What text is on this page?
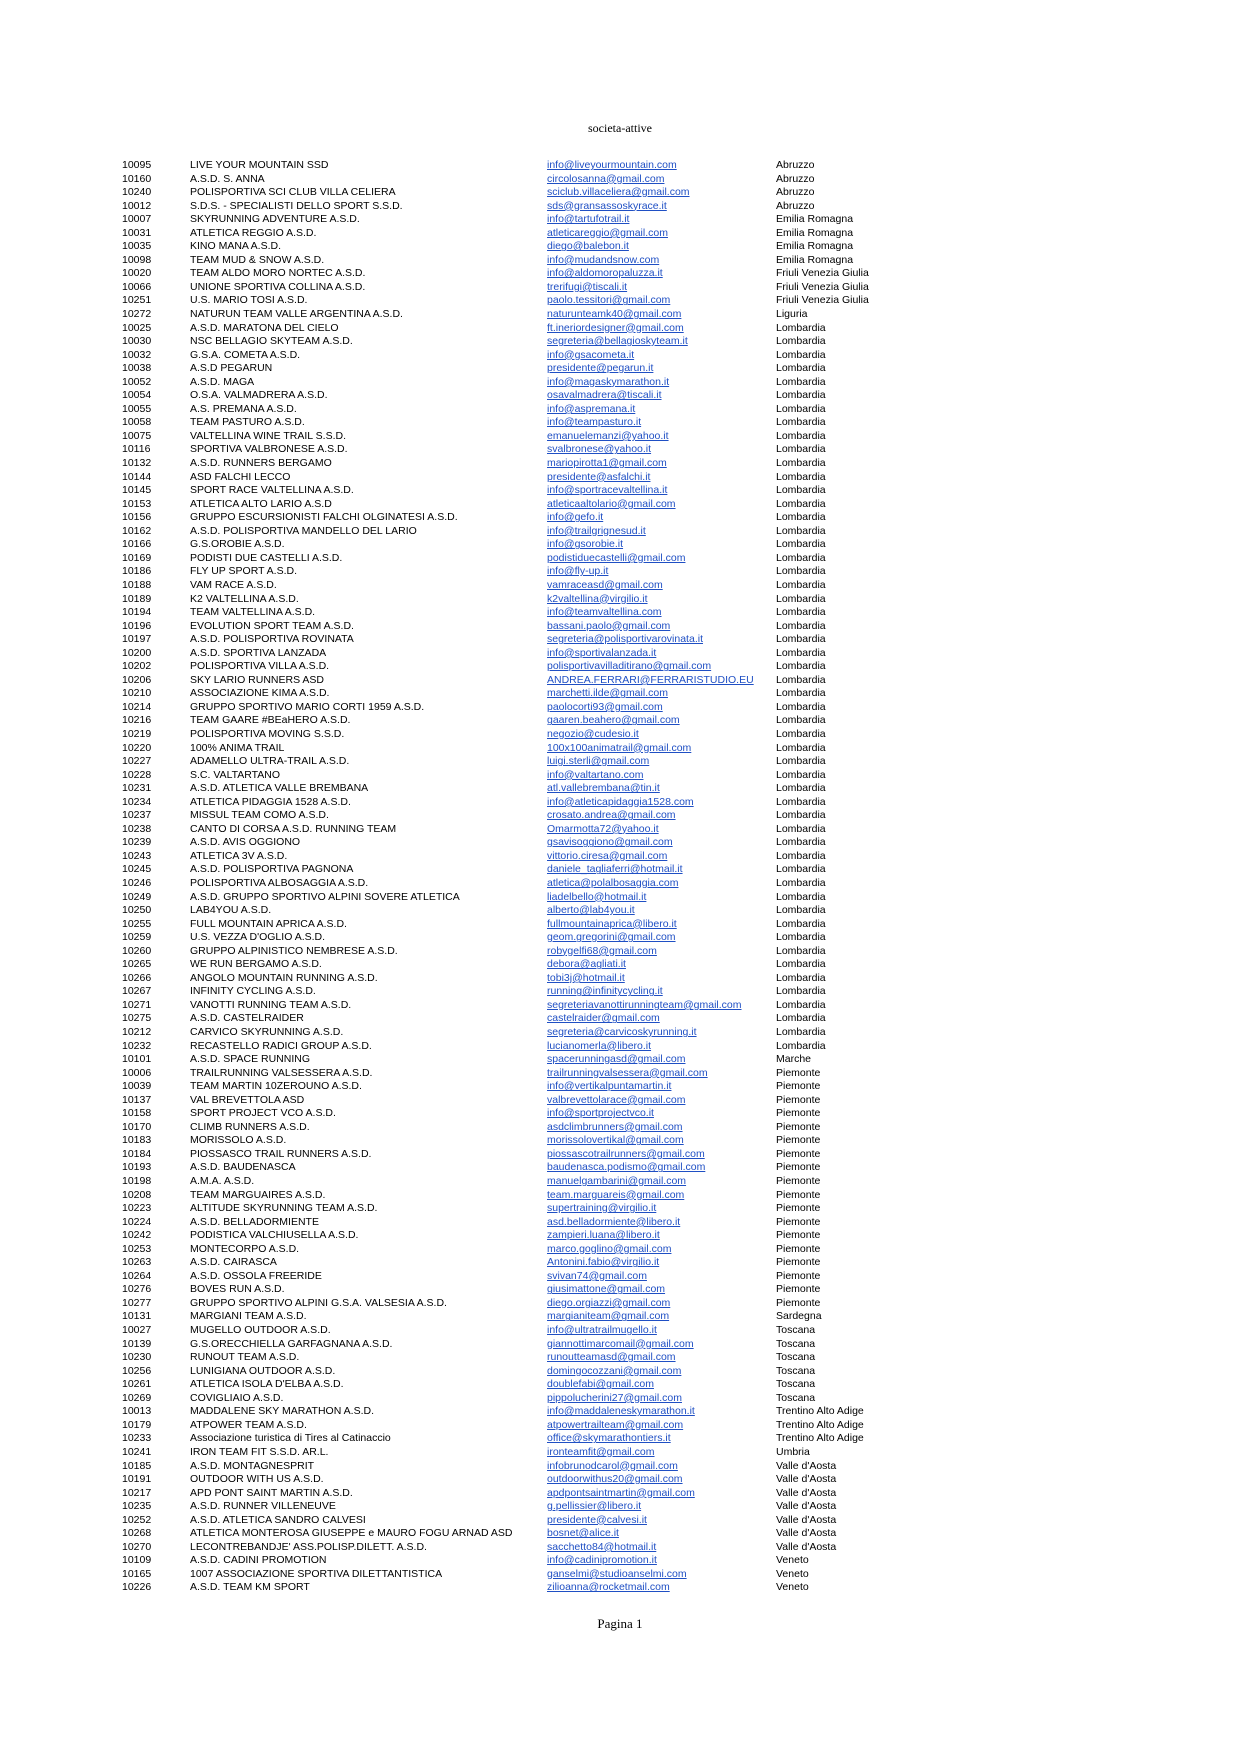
societa-attive
10095	LIVE YOUR MOUNTAIN SSD	info@liveyourmountain.com	Abruzzo
10160	A.S.D. S. ANNA	circolosanna@gmail.com	Abruzzo
10240	POLISPORTIVA SCI CLUB VILLA CELIERA	sciclub.villaceliera@gmail.com	Abruzzo
10012	S.D.S. - SPECIALISTI DELLO SPORT S.S.D.	sds@gransassoskyrace.it	Abruzzo
10007	SKYRUNNING ADVENTURE A.S.D.	info@tartufotrail.it	Emilia Romagna
10031	ATLETICA REGGIO A.S.D.	atleticareggio@gmail.com	Emilia Romagna
10035	KINO MANA A.S.D.	diego@balebon.it	Emilia Romagna
10098	TEAM MUD & SNOW A.S.D.	info@mudandsnow.com	Emilia Romagna
10020	TEAM ALDO MORO NORTEC A.S.D.	info@aldomoropaluzza.it	Friuli Venezia Giulia
10066	UNIONE SPORTIVA COLLINA A.S.D.	trerifugi@tiscali.it	Friuli Venezia Giulia
10251	U.S. MARIO TOSI A.S.D.	paolo.tessitori@gmail.com	Friuli Venezia Giulia
10272	NATURUN TEAM VALLE ARGENTINA A.S.D.	naturunteamk40@gmail.com	Liguria
10025	A.S.D. MARATONA DEL CIELO	ft.ineriordesigner@gmail.com	Lombardia
10030	NSC BELLAGIO SKYTEAM A.S.D.	segreteria@bellagioskyteam.it	Lombardia
10032	G.S.A. COMETA A.S.D.	info@gsacometa.it	Lombardia
10038	A.S.D PEGARUN	presidente@pegarun.it	Lombardia
10052	A.S.D. MAGA	info@magaskymarathon.it	Lombardia
10054	O.S.A. VALMADRERA A.S.D.	osavalmadrera@tiscali.it	Lombardia
10055	A.S. PREMANA A.S.D.	info@aspremana.it	Lombardia
10058	TEAM PASTURO A.S.D.	info@teampasturo.it	Lombardia
10075	VALTELLINA WINE TRAIL S.S.D.	emanuelemanzi@yahoo.it	Lombardia
10116	SPORTIVA VALBRONESE A.S.D.	svalbronese@yahoo.it	Lombardia
10132	A.S.D. RUNNERS BERGAMO	mariopirotta1@gmail.com	Lombardia
10144	ASD FALCHI LECCO	presidente@asfalchi.it	Lombardia
10145	SPORT RACE VALTELLINA A.S.D.	info@sportracevaltellina.it	Lombardia
10153	ATLETICA ALTO LARIO A.S.D	atleticaaltolario@gmail.com	Lombardia
10156	GRUPPO ESCURSIONISTI FALCHI OLGINATESI A.S.D.	info@gefo.it	Lombardia
10162	A.S.D. POLISPORTIVA MANDELLO DEL LARIO	info@trailgrignesud.it	Lombardia
10166	G.S.OROBIE A.S.D.	info@gsorobie.it	Lombardia
10169	PODISTI DUE CASTELLI A.S.D.	podistiduecastelli@gmail.com	Lombardia
10186	FLY UP SPORT A.S.D.	info@fly-up.it	Lombardia
10188	VAM RACE A.S.D.	vamraceasd@gmail.com	Lombardia
10189	K2 VALTELLINA A.S.D.	k2valtellina@virgilio.it	Lombardia
10194	TEAM VALTELLINA A.S.D.	info@teamvaltellina.com	Lombardia
10196	EVOLUTION SPORT TEAM A.S.D.	bassani.paolo@gmail.com	Lombardia
10197	A.S.D. POLISPORTIVA ROVINATA	segreteria@polisportivarovinata.it	Lombardia
10200	A.S.D. SPORTIVA LANZADA	info@sportivalanzada.it	Lombardia
10202	POLISPORTIVA VILLA A.S.D.	polisportivavilladitirano@gmail.com	Lombardia
10206	SKY LARIO RUNNERS ASD	ANDREA.FERRARI@FERRARISTUDIO.EU Lombardia
10210	ASSOCIAZIONE KIMA A.S.D.	marchetti.ilde@gmail.com	Lombardia
10214	GRUPPO SPORTIVO MARIO CORTI 1959 A.S.D.	paolocorti93@gmail.com	Lombardia
10216	TEAM GAARE #BEaHERO A.S.D.	gaaren.beahero@gmail.com	Lombardia
10219	POLISPORTIVA MOVING S.S.D.	negozio@cudesio.it	Lombardia
10220	100% ANIMA TRAIL	100x100animatrail@gmail.com	Lombardia
10227	ADAMELLO ULTRA-TRAIL A.S.D.	luigi.sterli@gmail.com	Lombardia
10228	S.C. VALTARTANO	info@valtartano.com	Lombardia
10231	A.S.D. ATLETICA VALLE BREMBANA	atl.vallebrembana@tin.it	Lombardia
10234	ATLETICA PIDAGGIA 1528 A.S.D.	info@atleticapidaggia1528.com	Lombardia
10237	MISSUL TEAM COMO A.S.D.	crosato.andrea@gmail.com	Lombardia
10238	CANTO DI CORSA A.S.D. RUNNING TEAM	Omarmotta72@yahoo.it	Lombardia
10239	A.S.D. AVIS OGGIONO	gsavisoggiono@gmail.com	Lombardia
10243	ATLETICA 3V A.S.D.	vittorio.ciresa@gmail.com	Lombardia
10245	A.S.D. POLISPORTIVA PAGNONA	daniele_tagliaferri@hotmail.it	Lombardia
10246	POLISPORTIVA ALBOSAGGIA A.S.D.	atletica@polalbosaggia.com	Lombardia
10249	A.S.D. GRUPPO SPORTIVO ALPINI SOVERE ATLETICA	liadelbello@hotmail.it	Lombardia
10250	LAB4YOU A.S.D.	alberto@lab4you.it	Lombardia
10255	FULL MOUNTAIN APRICA A.S.D.	fullmountainaprica@libero.it	Lombardia
10259	U.S. VEZZA D'OGLIO A.S.D.	geom.gregorini@gmail.com	Lombardia
10260	GRUPPO ALPINISTICO NEMBRESE A.S.D.	robygelfi68@gmail.com	Lombardia
10265	WE RUN BERGAMO A.S.D.	debora@agliati.it	Lombardia
10266	ANGOLO MOUNTAIN RUNNING A.S.D.	tobi3j@hotmail.it	Lombardia
10267	INFINITY CYCLING A.S.D.	running@infinitycycling.it	Lombardia
10271	VANOTTI RUNNING TEAM A.S.D.	segreteriavanottirunningteam@gmail.com	Lombardia
10275	A.S.D. CASTELRAIDER	castelraider@gmail.com	Lombardia
10212	CARVICO SKYRUNNING A.S.D.	segreteria@carvicoskyrunning.it	Lombardia
10232	RECASTELLO RADICI GROUP A.S.D.	lucianomerla@libero.it	Lombardia
10101	A.S.D. SPACE RUNNING	spacerunningasd@gmail.com	Marche
10006	TRAILRUNNING VALSESSERA A.S.D.	trailrunningvalsessera@gmail.com	Piemonte
10039	TEAM MARTIN 10ZEROUNO A.S.D.	info@vertikalpuntamartin.it	Piemonte
10137	VAL BREVETTOLA ASD	valbrevettolarace@gmail.com	Piemonte
10158	SPORT PROJECT VCO A.S.D.	info@sportprojectvco.it	Piemonte
10170	CLIMB RUNNERS A.S.D.	asdclimbrunners@gmail.com	Piemonte
10183	MORISSOLO A.S.D.	morissolovertikal@gmail.com	Piemonte
10184	PIOSSASCO TRAIL RUNNERS A.S.D.	piossascotrailrunners@gmail.com	Piemonte
10193	A.S.D. BAUDENASCA	baudenasca.podismo@gmail.com	Piemonte
10198	A.M.A. A.S.D.	manuelgambarini@gmail.com	Piemonte
10208	TEAM MARGUAIRES A.S.D.	team.marguareis@gmail.com	Piemonte
10223	ALTITUDE SKYRUNNING TEAM A.S.D.	supertraining@virgilio.it	Piemonte
10224	A.S.D. BELLADORMIENTE	asd.belladormiente@libero.it	Piemonte
10242	PODISTICA VALCHIUSELLA A.S.D.	zampieri.luana@libero.it	Piemonte
10253	MONTECORPO A.S.D.	marco.goglino@gmail.com	Piemonte
10263	A.S.D. CAIRASCA	Antonini.fabio@virgilio.it	Piemonte
10264	A.S.D. OSSOLA FREERIDE	svivan74@gmail.com	Piemonte
10276	BOVES RUN A.S.D.	giusimattone@gmail.com	Piemonte
10277	GRUPPO SPORTIVO ALPINI G.S.A. VALSESIA A.S.D.	diego.orgiazzi@gmail.com	Piemonte
10131	MARGIANI TEAM A.S.D.	margianiteam@gmail.com	Sardegna
10027	MUGELLO OUTDOOR A.S.D.	info@ultratrailmugello.it	Toscana
10139	G.S.ORECCHIELLA GARFAGNANA A.S.D.	giannottimarcomail@gmail.com	Toscana
10230	RUNOUT TEAM A.S.D.	runoutteamasd@gmail.com	Toscana
10256	LUNIGIANA OUTDOOR A.S.D.	domingocozzani@gmail.com	Toscana
10261	ATLETICA ISOLA D'ELBA A.S.D.	doublefabi@gmail.com	Toscana
10269	COVIGLIAIO A.S.D.	pippolucherini27@gmail.com	Toscana
10013	MADDALENE SKY MARATHON A.S.D.	info@maddaleneskymarathon.it	Trentino Alto Adige
10179	ATPOWER TEAM A.S.D.	atpowertrailteam@gmail.com	Trentino Alto Adige
10233	Associazione turistica di Tires al Catinaccio	office@skymarathontiers.it	Trentino Alto Adige
10241	IRON TEAM FIT S.S.D. AR.L.	ironteamfit@gmail.com	Umbria
10185	A.S.D. MONTAGNESPRIT	infobrunodcarol@gmail.com	Valle d'Aosta
10191	OUTDOOR WITH US A.S.D.	outdoorwithus20@gmail.com	Valle d'Aosta
10217	APD PONT SAINT MARTIN A.S.D.	apdpontsaintmartin@gmail.com	Valle d'Aosta
10235	A.S.D. RUNNER VILLENEUVE	g.pellissier@libero.it	Valle d'Aosta
10252	A.S.D. ATLETICA SANDRO CALVESI	presidente@calvesi.it	Valle d'Aosta
10268	ATLETICA MONTEROSA GIUSEPPE e MAURO FOGU ARNAD ASD	bosnet@alice.it	Valle d'Aosta
10270	LECONTREBANDJE' ASS.POLISP.DILETT. A.S.D.	sacchetto84@hotmail.it	Valle d'Aosta
10109	A.S.D. CADINI PROMOTION	info@cadinipromotion.it	Veneto
10165	1007 ASSOCIAZIONE SPORTIVA DILETTANTISTICA	ganselmi@studioanselmi.com	Veneto
10226	A.S.D. TEAM KM SPORT	zilioanna@rocketmail.com	Veneto
Pagina 1
